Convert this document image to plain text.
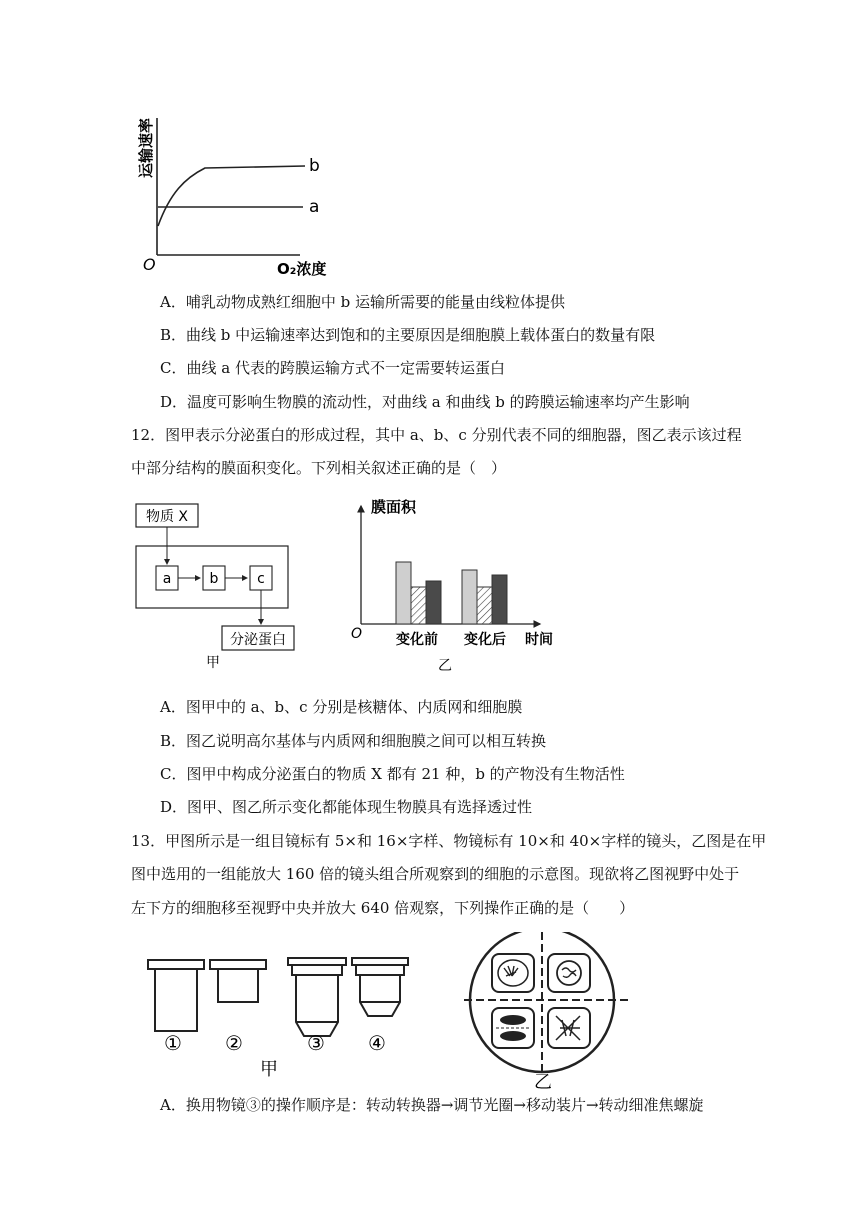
运输速率
O
b
a
O₂浓度
A．哺乳动物成熟红细胞中 b 运输所需要的能量由线粒体提供
B．曲线 b 中运输速率达到饱和的主要原因是细胞膜上载体蛋白的数量有限
C．曲线 a 代表的跨膜运输方式不一定需要转运蛋白
D．温度可影响生物膜的流动性，对曲线 a 和曲线 b 的跨膜运输速率均产生影响
12．图甲表示分泌蛋白的形成过程，其中 a、b、c 分别代表不同的细胞器，图乙表示该过程
中部分结构的膜面积变化。下列相关叙述正确的是（　）
物质 X
a	b	c
分泌蛋白
甲
膜面积
O 变化前 变化后 时间
乙
A．图甲中的 a、b、c 分别是核糖体、内质网和细胞膜
B．图乙说明高尔基体与内质网和细胞膜之间可以相互转换
C．图甲中构成分泌蛋白的物质 X 都有 21 种，b 的产物没有生物活性
D．图甲、图乙所示变化都能体现生物膜具有选择透过性
13．甲图所示是一组目镜标有 5×和 16×字样、物镜标有 10×和 40×字样的镜头，乙图是在甲
图中选用的一组能放大 160 倍的镜头组合所观察到的细胞的示意图。现欲将乙图视野中处于
左下方的细胞移至视野中央并放大 640 倍观察，下列操作正确的是（　　）
① ②	③ ④
甲
乙
A．换用物镜③的操作顺序是：转动转换器→调节光圈→移动装片→转动细准焦螺旋
